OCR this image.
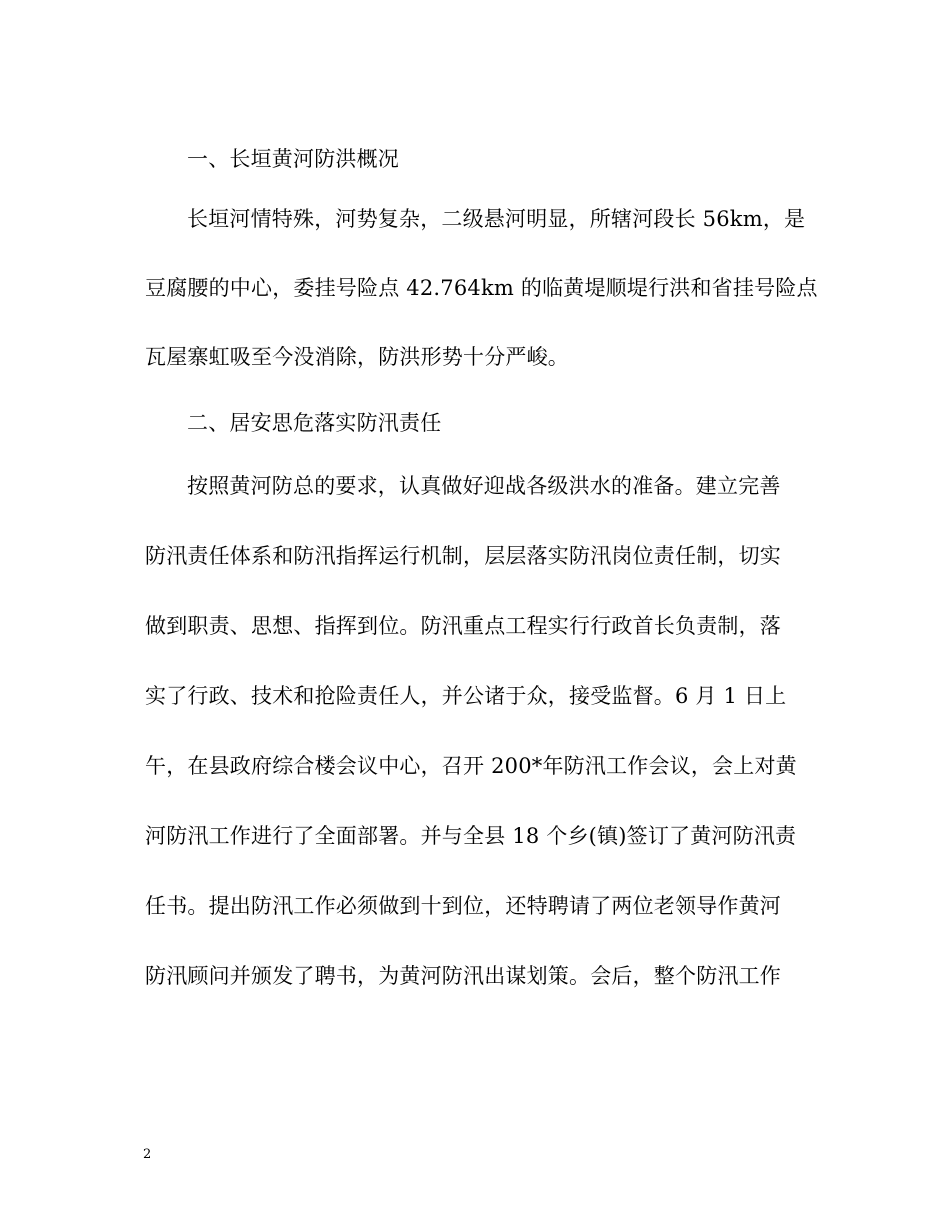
一、长垣黄河防洪概况
长垣河情特殊，河势复杂，二级悬河明显，所辖河段长 56km，是
豆腐腰的中心，委挂号险点 42.764km 的临黄堤顺堤行洪和省挂号险点
瓦屋寨虹吸至今没消除，防洪形势十分严峻。
二、居安思危落实防汛责任
按照黄河防总的要求，认真做好迎战各级洪水的准备。建立完善
防汛责任体系和防汛指挥运行机制，层层落实防汛岗位责任制，切实
做到职责、思想、指挥到位。防汛重点工程实行行政首长负责制，落
实了行政、技术和抢险责任人，并公诸于众，接受监督。6 月 1 日上
午，在县政府综合楼会议中心，召开 200*年防汛工作会议，会上对黄
河防汛工作进行了全面部署。并与全县 18 个乡(镇)签订了黄河防汛责
任书。提出防汛工作必须做到十到位，还特聘请了两位老领导作黄河
防汛顾问并颁发了聘书，为黄河防汛出谋划策。会后，整个防汛工作
2
